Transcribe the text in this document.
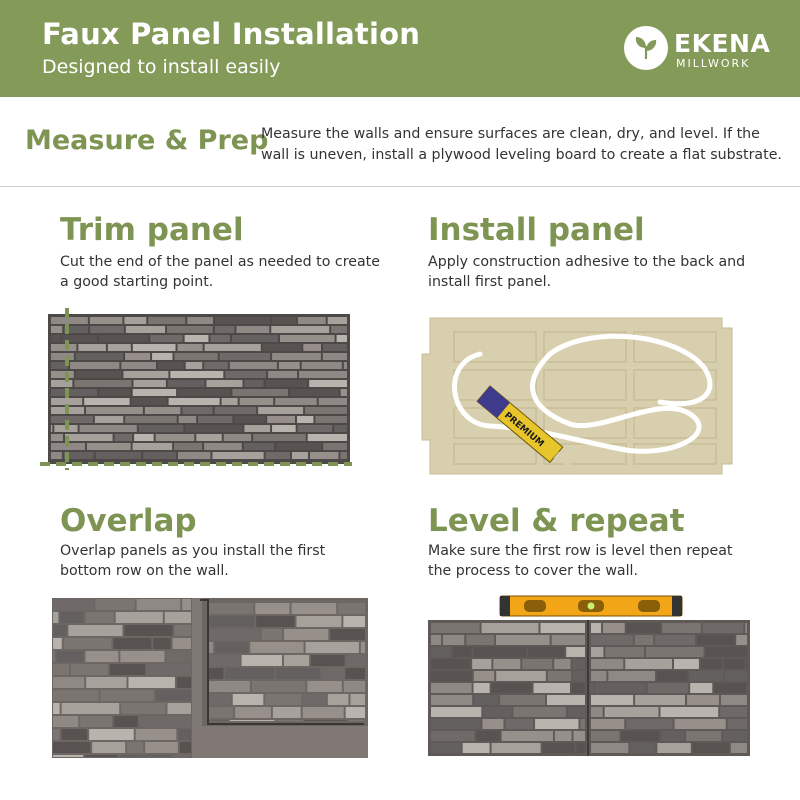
Faux Panel Installation
Designed to install easily
EKENA
MILLWORK
Measure & Prep
Measure the walls and ensure surfaces are clean, dry, and level. If the wall is uneven, install a plywood leveling board to create a flat substrate.
Trim panel
Cut the end of the panel as needed to create a good starting point.
Install panel
Apply construction adhesive to the back and install first panel.
PREMIUM
Overlap
Overlap panels as you install the first bottom row on the wall.
Level & repeat
Make sure the first row is level then repeat the process to cover the wall.
